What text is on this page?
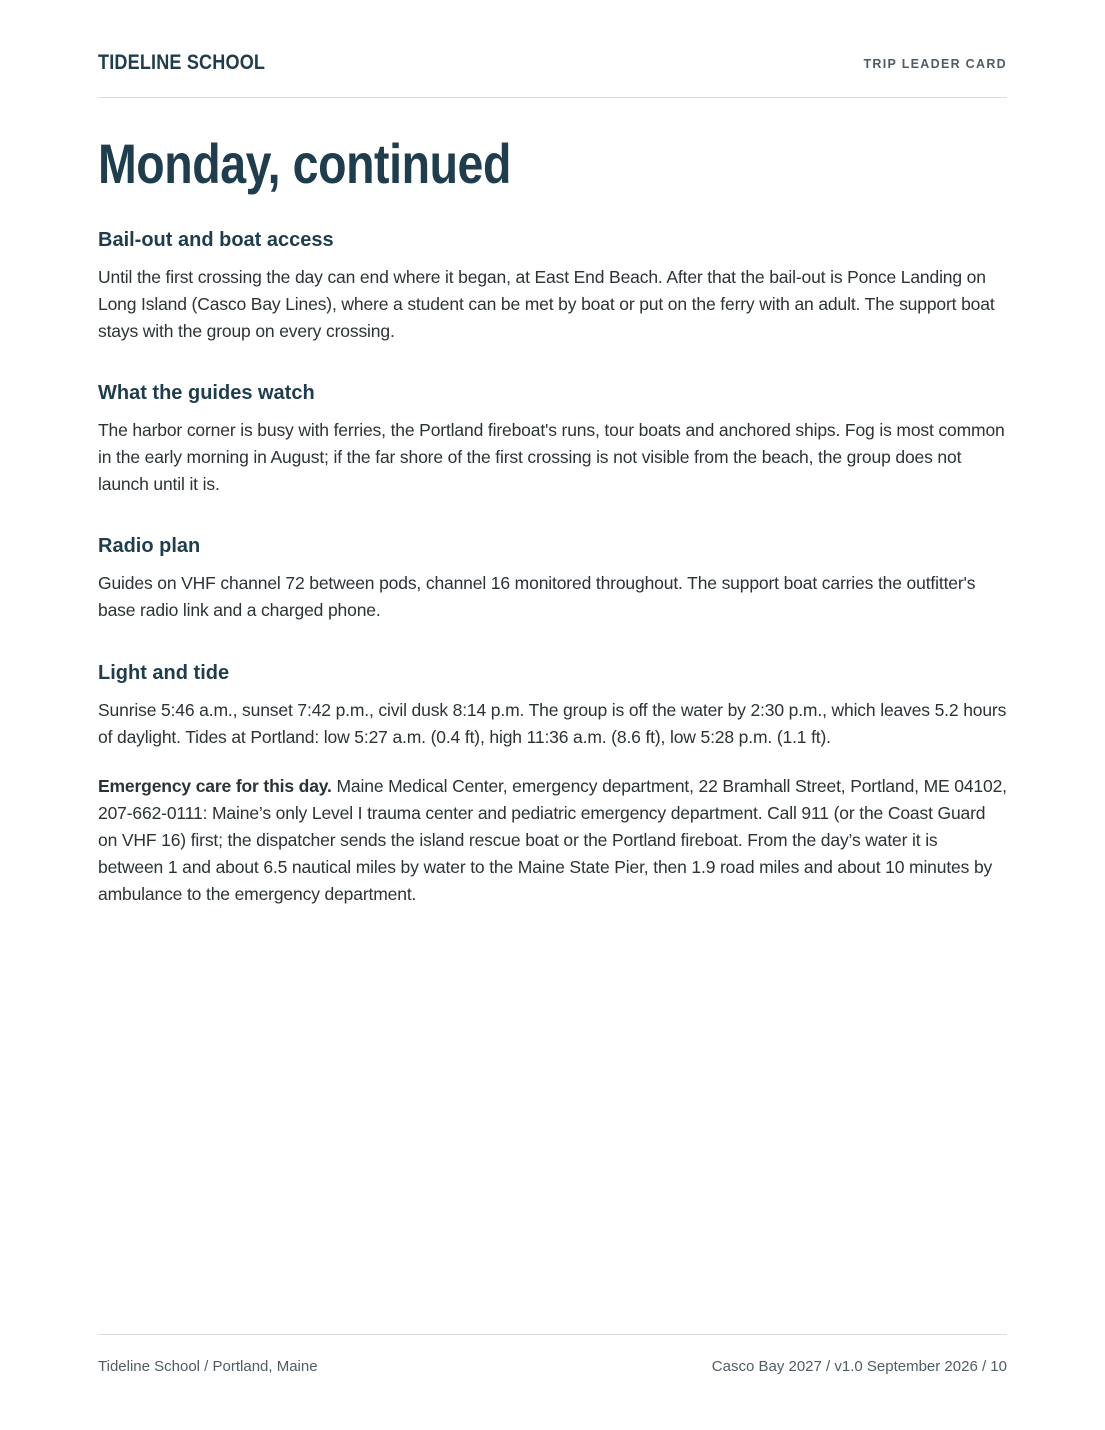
TIDELINE SCHOOL	TRIP LEADER CARD
Monday, continued
Bail-out and boat access

Until the first crossing the day can end where it began, at East End Beach. After that the bail-out is Ponce Landing on Long Island (Casco Bay Lines), where a student can be met by boat or put on the ferry with an adult. The support boat stays with the group on every crossing.

What the guides watch

The harbor corner is busy with ferries, the Portland fireboat's runs, tour boats and anchored ships. Fog is most common in the early morning in August; if the far shore of the first crossing is not visible from the beach, the group does not launch until it is.

Radio plan

Guides on VHF channel 72 between pods, channel 16 monitored throughout. The support boat carries the outfitter's base radio link and a charged phone.

Light and tide

Sunrise 5:46 a.m., sunset 7:42 p.m., civil dusk 8:14 p.m. The group is off the water by 2:30 p.m., which leaves 5.2 hours of daylight. Tides at Portland: low 5:27 a.m. (0.4 ft), high 11:36 a.m. (8.6 ft), low 5:28 p.m. (1.1 ft).

Emergency care for this day. Maine Medical Center, emergency department, 22 Bramhall Street, Portland, ME 04102, 207-662-0111: Maine’s only Level I trauma center and pediatric emergency department. Call 911 (or the Coast Guard on VHF 16) first; the dispatcher sends the island rescue boat or the Portland fireboat. From the day’s water it is between 1 and about 6.5 nautical miles by water to the Maine State Pier, then 1.9 road miles and about 10 minutes by ambulance to the emergency department.

Tideline School / Portland, Maine	Casco Bay 2027 / v1.0 September 2026 / 10
